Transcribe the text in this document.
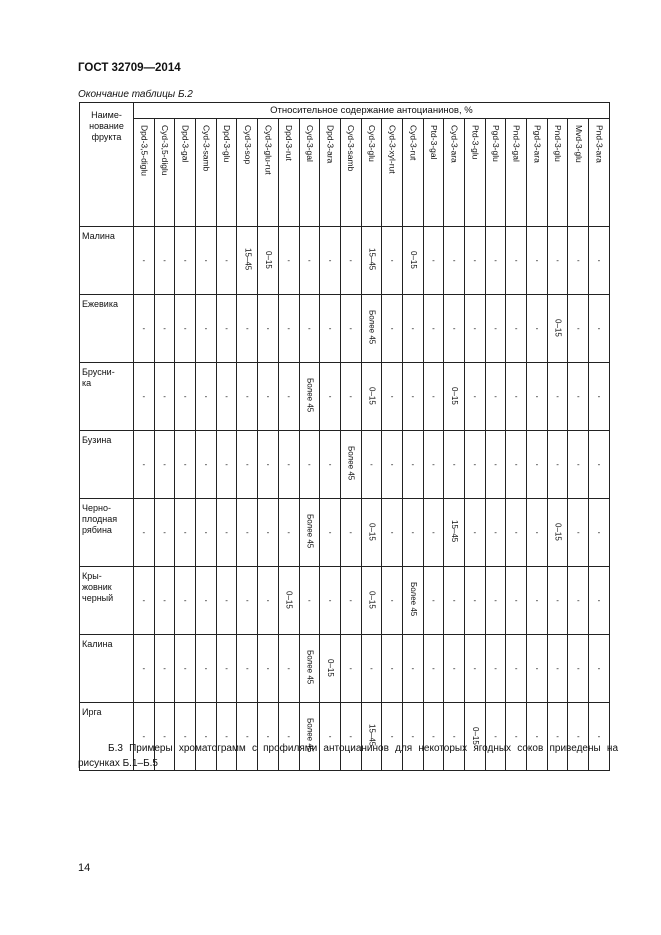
ГОСТ 32709—2014
Окончание таблицы Б.2
Наиме-
нование
фрукта	Относительное содержание антоцианинов, %																						

	Dpd-3,5-diglu	Cyd-3,5-diglu	Dpd-3-gal	Cyd-3-samb	Dpd-3-glu	Cyd-3-sop	Cyd-3-glu-rut	Dpd-3-rut	Cyd-3-gal	Dpd-3-ara	Cyd-3-samb	Cyd-3-glu	Cyd-3-xyl-rut	Cyd-3-rut	Ptd-3-gal	Cyd-3-ara	Ptd-3-glu	Pgd-3-glu	Pnd-3-gal	Pgd-3-ara	Pnd-3-glu	Mvd-3-glu	Pnd-3-ara

Малина	-	-	-	-	-	15–45	0–15	-	-	-	-	15–45	-	0–15	-	-	-	-	-	-	-	-	-
Ежевика	-	-	-	-	-	-	-	-	-	-	-	Более 45	-	-	-	-	-	-	-	-	0–15	-	-
Брусни-
ка	-	-	-	-	-	-	-	-	Более 45	-	-	0–15	-	-	-	0–15	-	-	-	-	-	-	-
Бузина	-	-	-	-	-	-	-	-	-	-	Более 45	-	-	-	-	-	-	-	-	-	-	-	-
Черно-
плодная
рябина	-	-	-	-	-	-	-	-	Более 45	-	-	0–15	-	-	-	15–45	-	-	-	-	0–15	-	-
Кры-
жовник
черный	-	-	-	-	-	-	-	0–15	-	-	-	0–15	-	Более 45	-	-	-	-	-	-	-	-	-
Калина	-	-	-	-	-	-	-	-	Более 45	0–15	-	-	-	-	-	-	-	-	-	-	-	-	-
Ирга	-	-	-	-	-	-	-	-	Более 45	-	-	15–45	-	-	-	-	0–15	-	-	-	-	-	-
Б.3 Примеры хроматограмм с профилями антоцианинов для некоторых ягодных соков приведены на рисунках Б.1–Б.5
14
